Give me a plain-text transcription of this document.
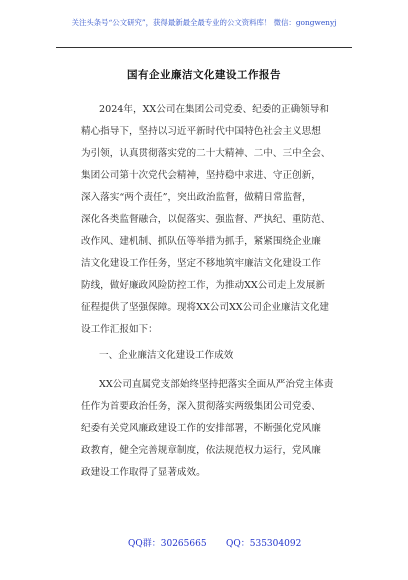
关注头条号“公文研究”，获得最新最全最专业的公文资料库！ 微信：gongwenyj
国有企业廉洁文化建设工作报告
2024年，XX公司在集团公司党委、纪委的正确领导和
精心指导下，坚持以习近平新时代中国特色社会主义思想
为引领，认真贯彻落实党的二十大精神、二中、三中全会、
集团公司第十次党代会精神，坚持稳中求进、守正创新，
深入落实“两个责任”，突出政治监督，做精日常监督，
深化各类监督融合，以促落实、强监督、严执纪、重防范、
改作风、建机制、抓队伍等举措为抓手，紧紧围绕企业廉
洁文化建设工作任务，坚定不移地筑牢廉洁文化建设工作
防线，做好廉政风险防控工作，为推动XX公司走上发展新
征程提供了坚强保障。现将XX公司XX公司企业廉洁文化建
设工作汇报如下：
一、企业廉洁文化建设工作成效
XX公司直属党支部始终坚持把落实全面从严治党主体责
任作为首要政治任务，深入贯彻落实两级集团公司党委、
纪委有关党风廉政建设工作的安排部署，不断强化党风廉
政教育，健全完善规章制度，依法规范权力运行，党风廉
政建设工作取得了显著成效。
QQ群：30265665 QQ：535304092
